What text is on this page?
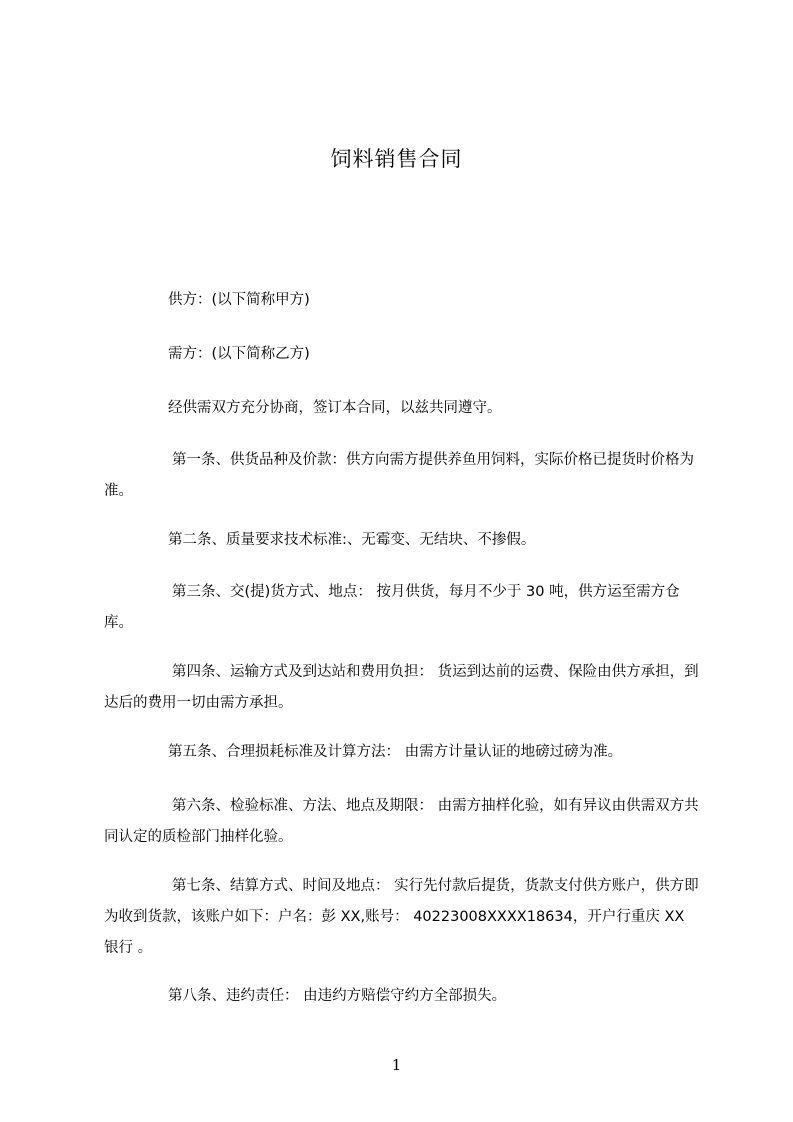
饲料销售合同
供方：(以下简称甲方)
需方：(以下简称乙方)
经供需双方充分协商，签订本合同，以兹共同遵守。
第一条、供货品种及价款：供方向需方提供养鱼用饲料，实际价格已提货时价格为准。
第二条、质量要求技术标准:、无霉变、无结块、不掺假。
第三条、交(提)货方式、地点： 按月供货，每月不少于 30 吨，供方运至需方仓库。
第四条、运输方式及到达站和费用负担： 货运到达前的运费、保险由供方承担，到达后的费用一切由需方承担。
第五条、合理损耗标准及计算方法： 由需方计量认证的地磅过磅为准。
第六条、检验标准、方法、地点及期限： 由需方抽样化验，如有异议由供需双方共同认定的质检部门抽样化验。
第七条、结算方式、时间及地点： 实行先付款后提货，货款支付供方账户，供方即为收到货款，该账户如下：户名：彭 XX,账号： 40223008XXXX18634，开户行重庆 XX 银行 。
第八条、违约责任： 由违约方赔偿守约方全部损失。
1
